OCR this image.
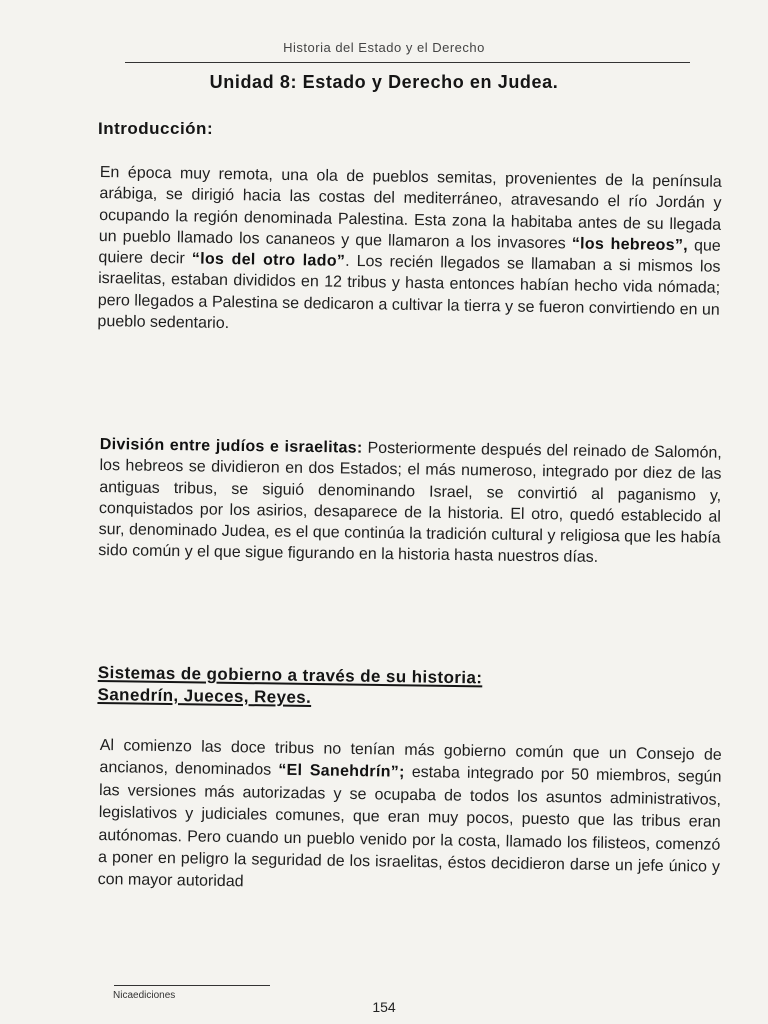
Historia del Estado y el Derecho
Unidad 8: Estado y Derecho en Judea.
Introducción:
En época muy remota, una ola de pueblos semitas, provenientes de la península arábiga, se dirigió hacia las costas del mediterráneo, atravesando el río Jordán y ocupando la región denominada Palestina. Esta zona la habitaba antes de su llegada un pueblo llamado los cananeos y que llamaron a los invasores “los hebreos”, que quiere decir “los del otro lado”. Los recién llegados se llamaban a si mismos los israelitas, estaban divididos en 12 tribus y hasta entonces habían hecho vida nómada; pero llegados a Palestina se dedicaron a cultivar la tierra y se fueron convirtiendo en un pueblo sedentario.
División entre judíos e israelitas: Posteriormente después del reinado de Salomón, los hebreos se dividieron en dos Estados; el más numeroso, integrado por diez de las antiguas tribus, se siguió denominando Israel, se convirtió al paganismo y, conquistados por los asirios, desaparece de la historia. El otro, quedó establecido al sur, denominado Judea, es el que continúa la tradición cultural y religiosa que les había sido común y el que sigue figurando en la historia hasta nuestros días.
Sistemas de gobierno a través de su historia:
Sanedrín, Jueces, Reyes.
Al comienzo las doce tribus no tenían más gobierno común que un Consejo de ancianos, denominados “El Sanehdrín”; estaba integrado por 50 miembros, según las versiones más autorizadas y se ocupaba de todos los asuntos administrativos, legislativos y judiciales comunes, que eran muy pocos, puesto que las tribus eran autónomas. Pero cuando un pueblo venido por la costa, llamado los filisteos, comenzó a poner en peligro la seguridad de los israelitas, éstos decidieron darse un jefe único y con mayor autoridad
Nicaediciones
154
